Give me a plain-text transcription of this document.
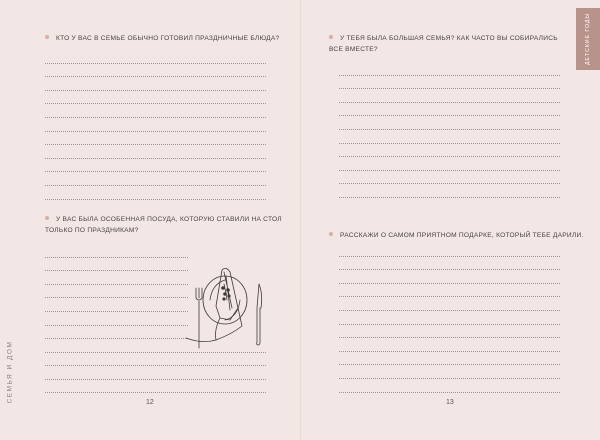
КТО У ВАС В СЕМЬЕ ОБЫЧНО ГОТОВИЛ ПРАЗДНИЧНЫЕ БЛЮДА?
У ВАС БЫЛА ОСОБЕННАЯ ПОСУДА, КОТОРУЮ СТАВИЛИ НА СТОЛ
ТОЛЬКО ПО ПРАЗДНИКАМ?
12
СЕМЬЯ И ДОМ
ДЕТСКИЕ ГОДЫ
У ТЕБЯ БЫЛА БОЛЬШАЯ СЕМЬЯ? КАК ЧАСТО ВЫ СОБИРАЛИСЬ
ВСЕ ВМЕСТЕ?
РАССКАЖИ О САМОМ ПРИЯТНОМ ПОДАРКЕ, КОТОРЫЙ ТЕБЕ ДАРИЛИ.
13
